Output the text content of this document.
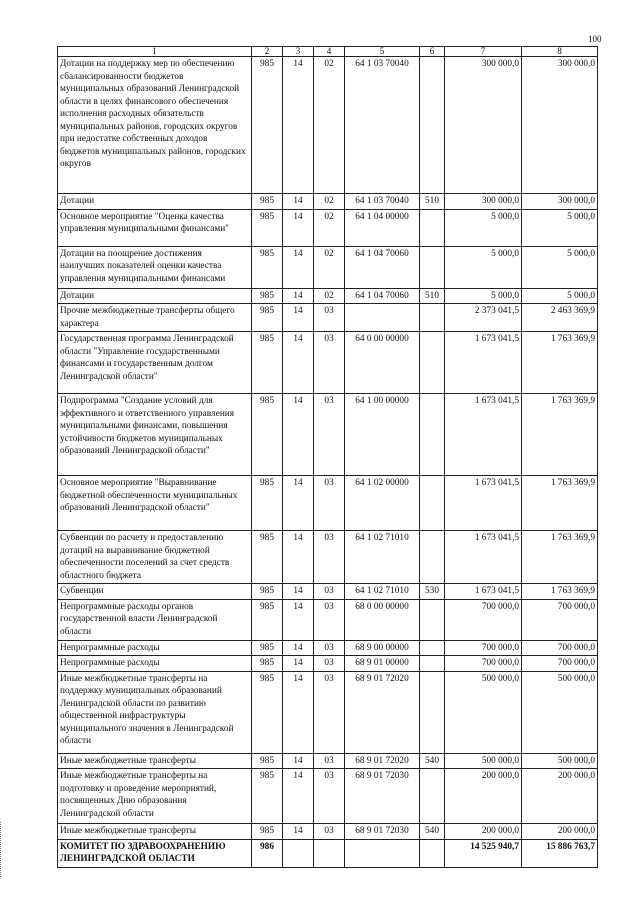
100
1	2	3	4	5	6	7	8
Дотации на поддержку мер по обеспечению сбалансированности бюджетов муниципальных образований Ленинградской области в целях финансового обеспечения исполнения расходных обязательств муниципальных районов, городских округов при недостатке собственных доходов бюджетов муниципальных районов, городских округов	985	14	02	64 1 03 70040		300 000,0	300 000,0
Дотации	985	14	02	64 1 03 70040	510	300 000,0	300 000,0
Основное мероприятие "Оценка качества управления муниципальными финансами"	985	14	02	64 1 04 00000		5 000,0	5 000,0
Дотации на поощрение достижения наилучших показателей оценки качества управления муниципальными финансами	985	14	02	64 1 04 70060		5 000,0	5 000,0
Дотации	985	14	02	64 1 04 70060	510	5 000,0	5 000,0
Прочие межбюджетные трансферты общего характера	985	14	03			2 373 041,5	2 463 369,9
Государственная программа Ленинградской области "Управление государственными финансами и государственным долгом Ленинградской области"	985	14	03	64 0 00 00000		1 673 041,5	1 763 369,9
Подпрограмма "Создание условий для эффективного и ответственного управления муниципальными финансами, повышения устойчивости бюджетов муниципальных образований Ленинградской области"	985	14	03	64 1 00 00000		1 673 041,5	1 763 369,9
Основное мероприятие "Выравнивание бюджетной обеспеченности муниципальных образований Ленинградской области"	985	14	03	64 1 02 00000		1 673 041,5	1 763 369,9
Субвенции по расчету и предоставлению дотаций на выравнивание бюджетной обеспеченности поселений за счет средств областного бюджета	985	14	03	64 1 02 71010		1 673 041,5	1 763 369,9
Субвенции	985	14	03	64 1 02 71010	530	1 673 041,5	1 763 369,9
Непрограммные расходы органов государственной власти Ленинградской области	985	14	03	68 0 00 00000		700 000,0	700 000,0
Непрограммные расходы	985	14	03	68 9 00 00000		700 000,0	700 000,0
Непрограммные расходы	985	14	03	68 9 01 00000		700 000,0	700 000,0
Иные межбюджетные трансферты на поддержку муниципальных образований Ленинградской области по развитию общественной инфраструктуры муниципального значения в Ленинградской области	985	14	03	68 9 01 72020		500 000,0	500 000,0
Иные межбюджетные трансферты	985	14	03	68 9 01 72020	540	500 000,0	500 000,0
Иные межбюджетные трансферты на подготовку и проведение мероприятий, посвященных Дню образования Ленинградской области	985	14	03	68 9 01 72030		200 000,0	200 000,0
Иные межбюджетные трансферты	985	14	03	68 9 01 72030	540	200 000,0	200 000,0
КОМИТЕТ ПО ЗДРАВООХРАНЕНИЮ ЛЕНИНГРАДСКОЙ ОБЛАСТИ	986					14 525 940,7	15 886 763,7
